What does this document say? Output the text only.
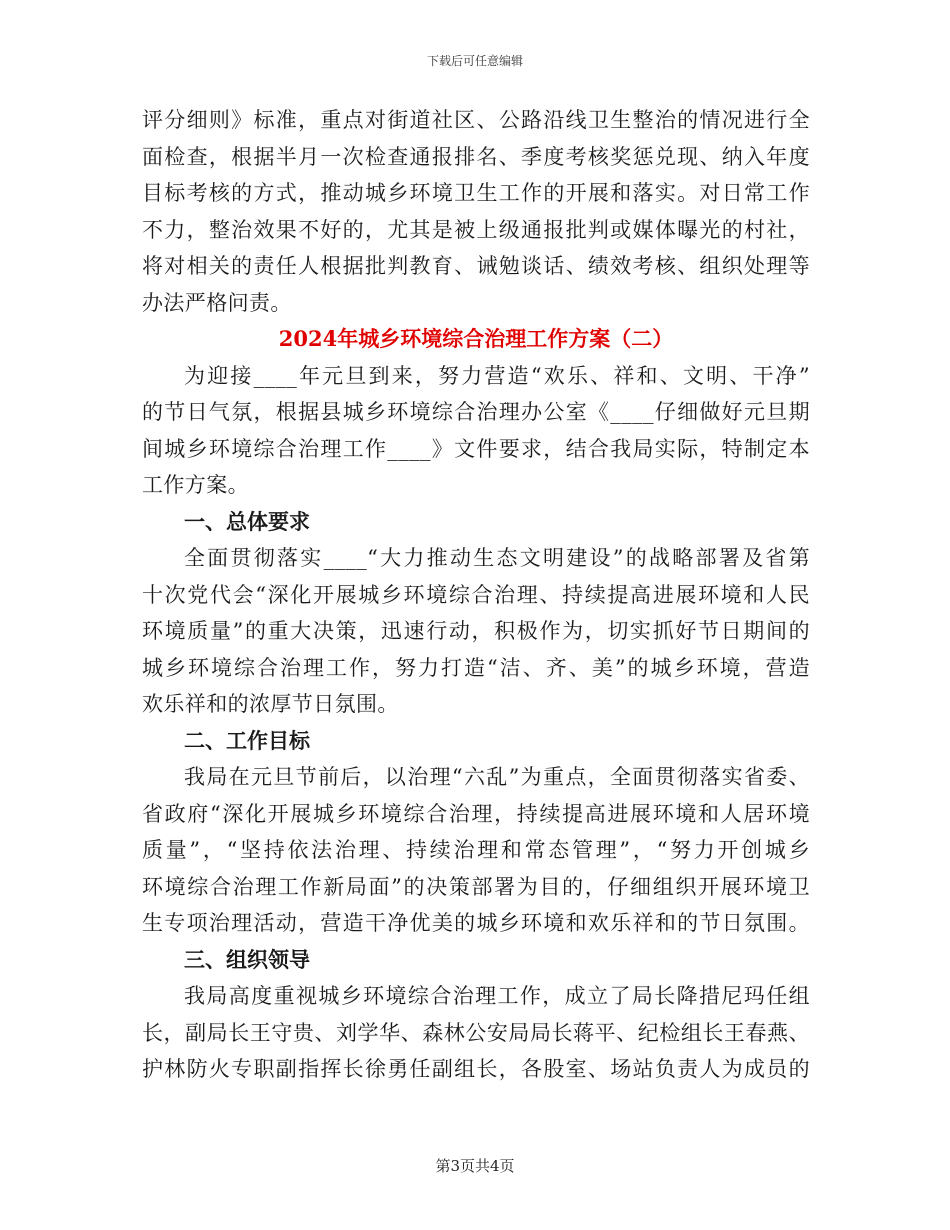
下载后可任意编辑
评分细则》标准，重点对街道社区、公路沿线卫生整治的情况进行全
面检查，根据半月一次检查通报排名、季度考核奖惩兑现、纳入年度
目标考核的方式，推动城乡环境卫生工作的开展和落实。对日常工作
不力，整治效果不好的，尤其是被上级通报批判或媒体曝光的村社，
将对相关的责任人根据批判教育、诫勉谈话、绩效考核、组织处理等
办法严格问责。
2024年城乡环境综合治理工作方案（二）
为迎接____年元旦到来，努力营造“欢乐、祥和、文明、干净”
的节日气氛，根据县城乡环境综合治理办公室《____仔细做好元旦期
间城乡环境综合治理工作____》文件要求，结合我局实际，特制定本
工作方案。
一、总体要求
全面贯彻落实____“大力推动生态文明建设”的战略部署及省第
十次党代会“深化开展城乡环境综合治理、持续提高进展环境和人民
环境质量”的重大决策，迅速行动，积极作为，切实抓好节日期间的
城乡环境综合治理工作，努力打造“洁、齐、美”的城乡环境，营造
欢乐祥和的浓厚节日氛围。
二、工作目标
我局在元旦节前后，以治理“六乱”为重点，全面贯彻落实省委、
省政府“深化开展城乡环境综合治理，持续提高进展环境和人居环境
质量”，“坚持依法治理、持续治理和常态管理”，“努力开创城乡
环境综合治理工作新局面”的决策部署为目的，仔细组织开展环境卫
生专项治理活动，营造干净优美的城乡环境和欢乐祥和的节日氛围。
三、组织领导
我局高度重视城乡环境综合治理工作，成立了局长降措尼玛任组
长，副局长王守贵、刘学华、森林公安局局长蒋平、纪检组长王春燕、
护林防火专职副指挥长徐勇任副组长，各股室、场站负责人为成员的
第3页共4页
